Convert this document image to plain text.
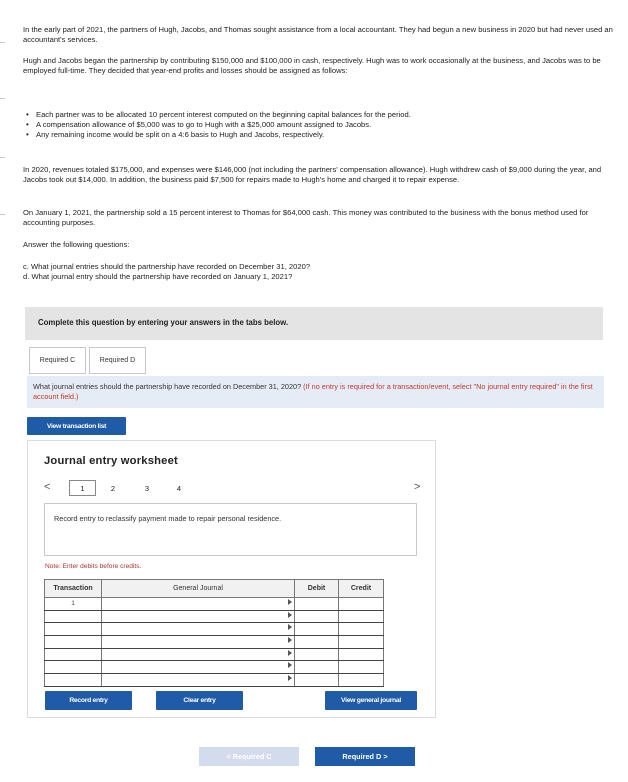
In the early part of 2021, the partners of Hugh, Jacobs, and Thomas sought assistance from a local accountant. They had begun a new business in 2020 but had never used an accountant's services.
Hugh and Jacobs began the partnership by contributing $150,000 and $100,000 in cash, respectively. Hugh was to work occasionally at the business, and Jacobs was to be employed full-time. They decided that year-end profits and losses should be assigned as follows:
• Each partner was to be allocated 10 percent interest computed on the beginning capital balances for the period.
• A compensation allowance of $5,000 was to go to Hugh with a $25,000 amount assigned to Jacobs.
• Any remaining income would be split on a 4:6 basis to Hugh and Jacobs, respectively.
In 2020, revenues totaled $175,000, and expenses were $146,000 (not including the partners' compensation allowance). Hugh withdrew cash of $9,000 during the year, and Jacobs took out $14,000. In addition, the business paid $7,500 for repairs made to Hugh's home and charged it to repair expense.
On January 1, 2021, the partnership sold a 15 percent interest to Thomas for $64,000 cash. This money was contributed to the business with the bonus method used for accounting purposes.
Answer the following questions:
c. What journal entries should the partnership have recorded on December 31, 2020?
d. What journal entry should the partnership have recorded on January 1, 2021?
Complete this question by entering your answers in the tabs below.
Required C	Required D
What journal entries should the partnership have recorded on December 31, 2020? (If no entry is required for a transaction/event, select "No journal entry required" in the first account field.)
View transaction list
Journal entry worksheet
<	1	2	3	4	>
Record entry to reclassify payment made to repair personal residence.
Note: Enter debits before credits.
Transaction	General Journal	Debit	Credit
1	

Record entry	Clear entry	View general journal
< Required C	Required D >
